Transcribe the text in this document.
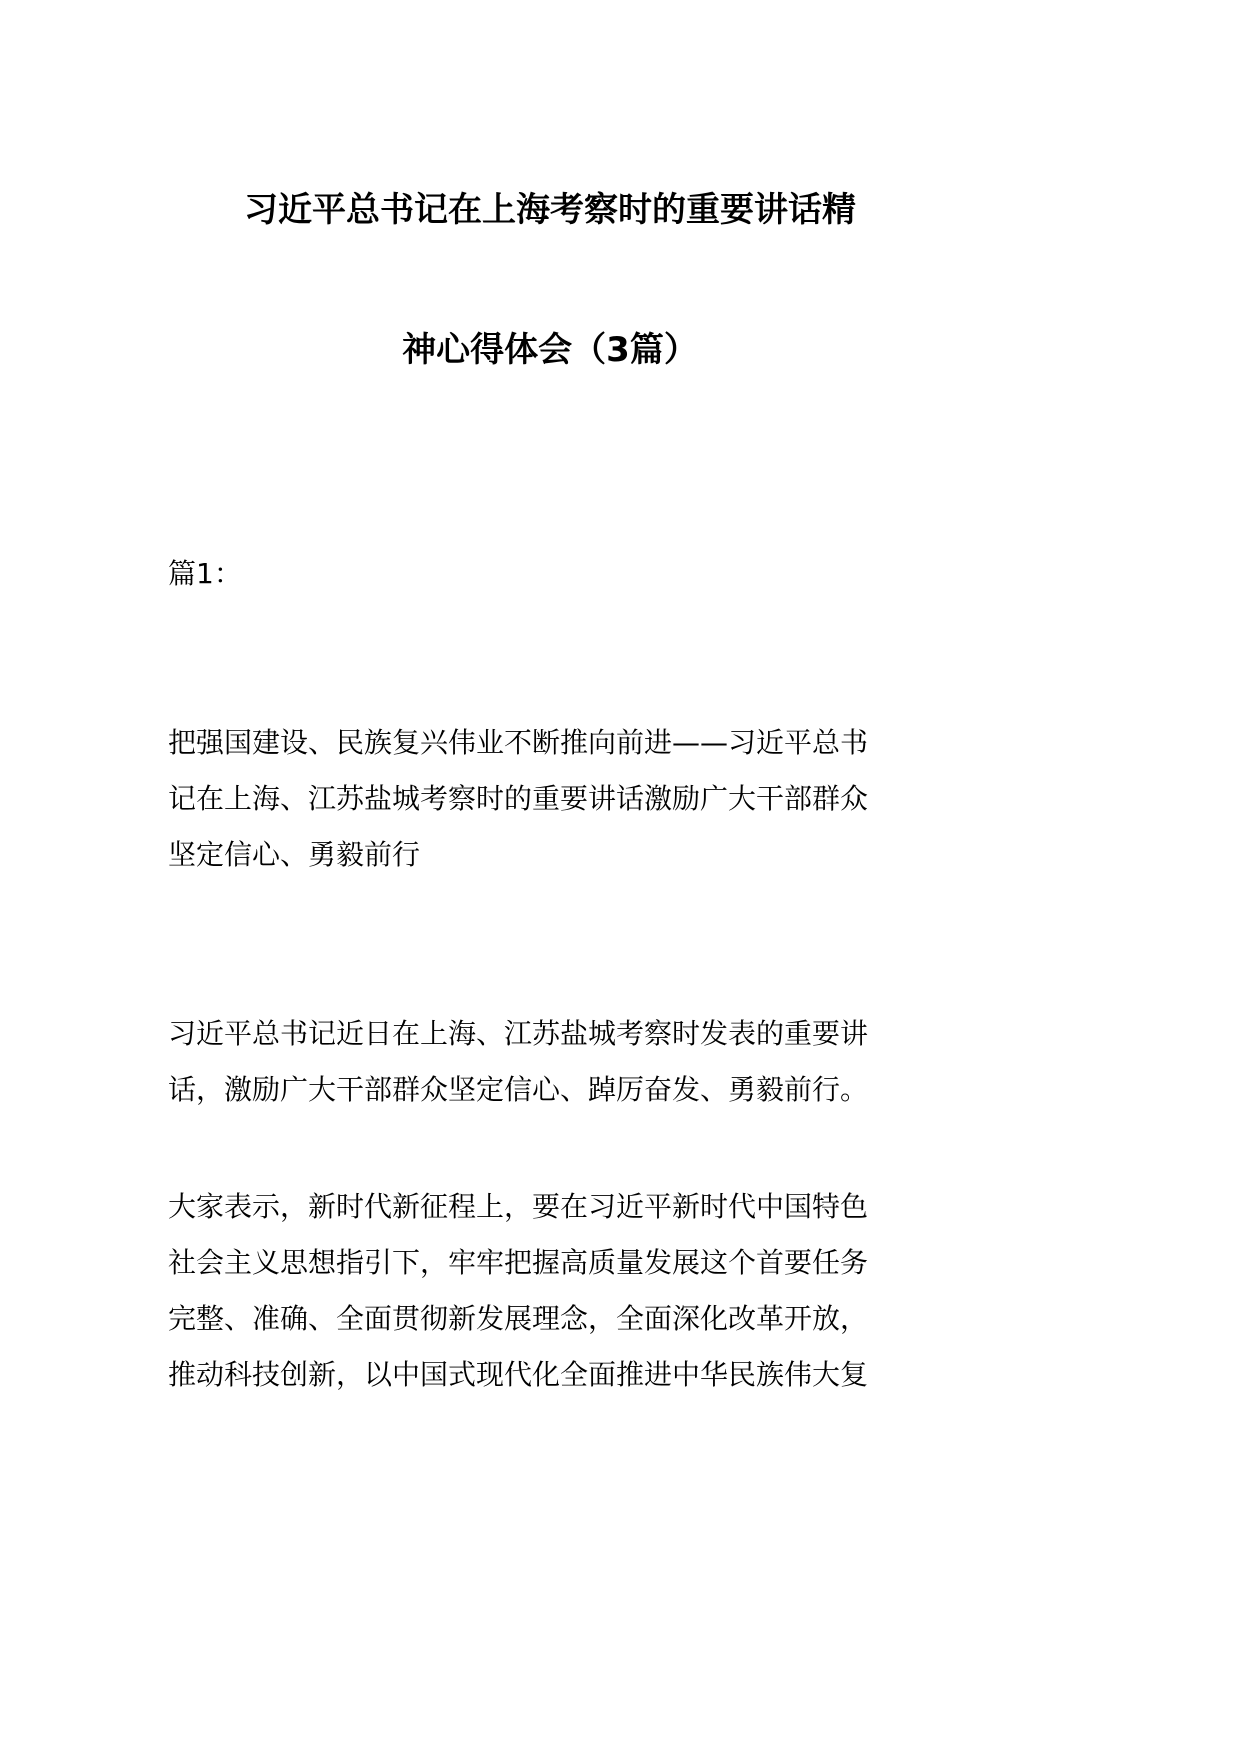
习近平总书记在上海考察时的重要讲话精
神心得体会（3篇）
篇1：
把强国建设、民族复兴伟业不断推向前进——习近平总书
记在上海、江苏盐城考察时的重要讲话激励广大干部群众
坚定信心、勇毅前行
习近平总书记近日在上海、江苏盐城考察时发表的重要讲
话，激励广大干部群众坚定信心、踔厉奋发、勇毅前行。
大家表示，新时代新征程上，要在习近平新时代中国特色
社会主义思想指引下，牢牢把握高质量发展这个首要任务
完整、准确、全面贯彻新发展理念，全面深化改革开放，
推动科技创新，以中国式现代化全面推进中华民族伟大复
